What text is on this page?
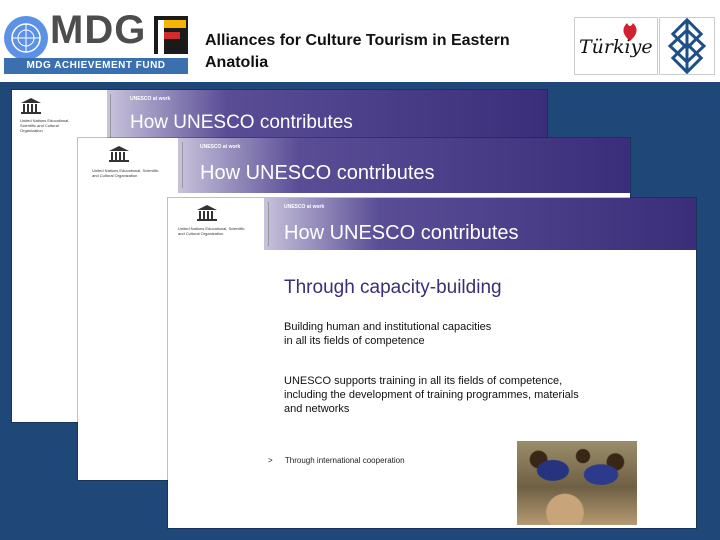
MDG
MDG ACHIEVEMENT FUND
Alliances for Culture Tourism in Eastern Anatolia
Türkiye
United Nations Educational, Scientific and Cultural Organization
UNESCO at work
How UNESCO contributes
United Nations Educational, Scientific and Cultural Organization
UNESCO at work
How UNESCO contributes
United Nations Educational, Scientific and Cultural Organization
UNESCO at work
How UNESCO contributes
Through capacity-building
Building human and institutional capacities in all its fields of competence
UNESCO supports training in all its fields of competence, including the development of training programmes, materials and networks
> Through international cooperation
